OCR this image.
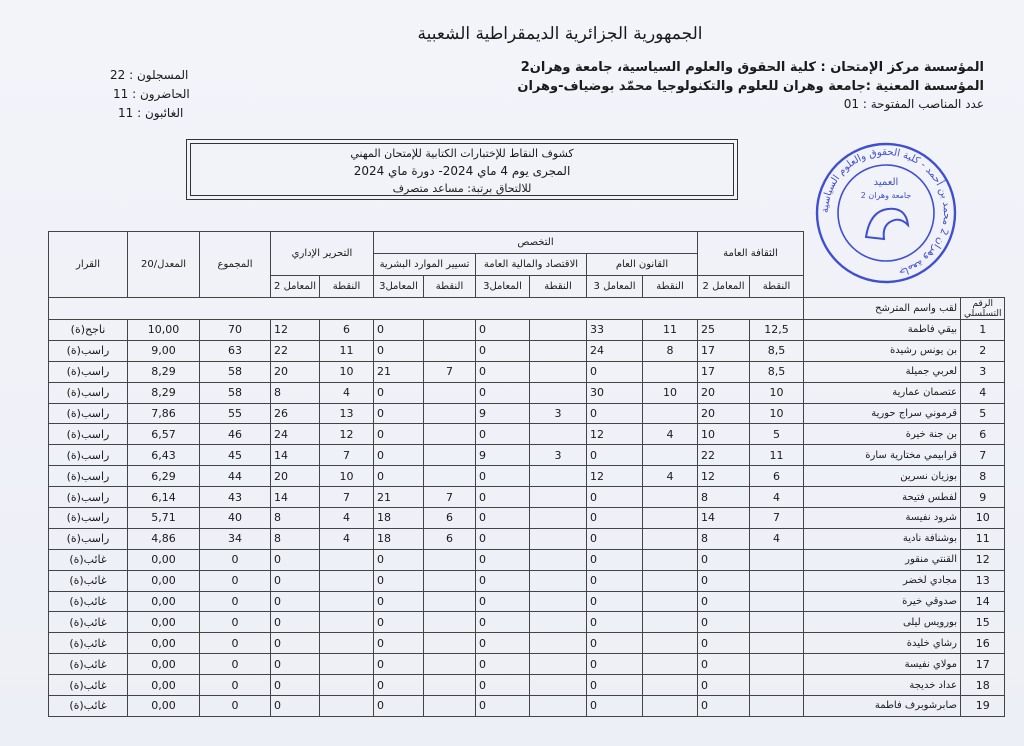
الجمهورية الجزائرية الديمقراطية الشعبية
المؤسسة مركز الإمتحان : كلية الحقوق والعلوم السياسية، جامعة وهران2
المؤسسة المعنية :جامعة وهران للعلوم والتكنولوجيا محمّد بوضياف-وهران
عدد المناصب المفتوحة : 01
المسجلون : 22
الحاضرون : 11
الغائبون : 11
كشوف النقاط للإختبارات الكتابية للإمتحان المهني
المجرى يوم 4 ماي 2024- دورة ماي 2024
للالتحاق برتبة: مساعد متصرف
جامعة وهران 2 محمد بن أحمد - كلية الحقوق والعلوم السياسية
العميد
جامعة وهران 2
		الثقافة العامة		التخصص						التحرير الإداري		المجموع	المعدل/20	القرار
				القانون العام		الاقتصاد والمالية العامة		تسيير الموارد البشرية						
		النقطة	المعامل 2	النقطة	المعامل 3	النقطة	المعامل3	النقطة	المعامل3	النقطة	المعامل 2			
الرقم التسلسلي	لقب واسم المترشح													
1	بيقي فاطمة	12,5	25	11	33		0		0	6	12	70	10,00	ناجح(ة)
2	بن يونس رشيدة	8,5	17	8	24		0		0	11	22	63	9,00	راسب(ة)
3	لعربي جميلة	8,5	17		0		0	7	21	10	20	58	8,29	راسب(ة)
4	عتصمان عمارية	10	20	10	30		0		0	4	8	58	8,29	راسب(ة)
5	قرموني سراج حورية	10	20		0	3	9		0	13	26	55	7,86	راسب(ة)
6	بن جنة خيرة	5	10	4	12		0		0	12	24	46	6,57	راسب(ة)
7	قرابيمي مختارية سارة	11	22		0	3	9		0	7	14	45	6,43	راسب(ة)
8	بوزيان نسرين	6	12	4	12		0		0	10	20	44	6,29	راسب(ة)
9	لفطس فتيحة	4	8		0		0	7	21	7	14	43	6,14	راسب(ة)
10	شرود نفيسة	7	14		0		0	6	18	4	8	40	5,71	راسب(ة)
11	بوشنافة نادية	4	8		0		0	6	18	4	8	34	4,86	راسب(ة)
12	القنتي منقور		0		0		0		0		0	0	0,00	غائب(ة)
13	مجادي لخضر		0		0		0		0		0	0	0,00	غائب(ة)
14	صدوقي خيرة		0		0		0		0		0	0	0,00	غائب(ة)
15	بورويس ليلى		0		0		0		0		0	0	0,00	غائب(ة)
16	رشاي خليدة		0		0		0		0		0	0	0,00	غائب(ة)
17	مولاي نفيسة		0		0		0		0		0	0	0,00	غائب(ة)
18	عداد خديجة		0		0		0		0		0	0	0,00	غائب(ة)
19	صابرشوبرف فاطمة		0		0		0		0		0	0	0,00	غائب(ة)
